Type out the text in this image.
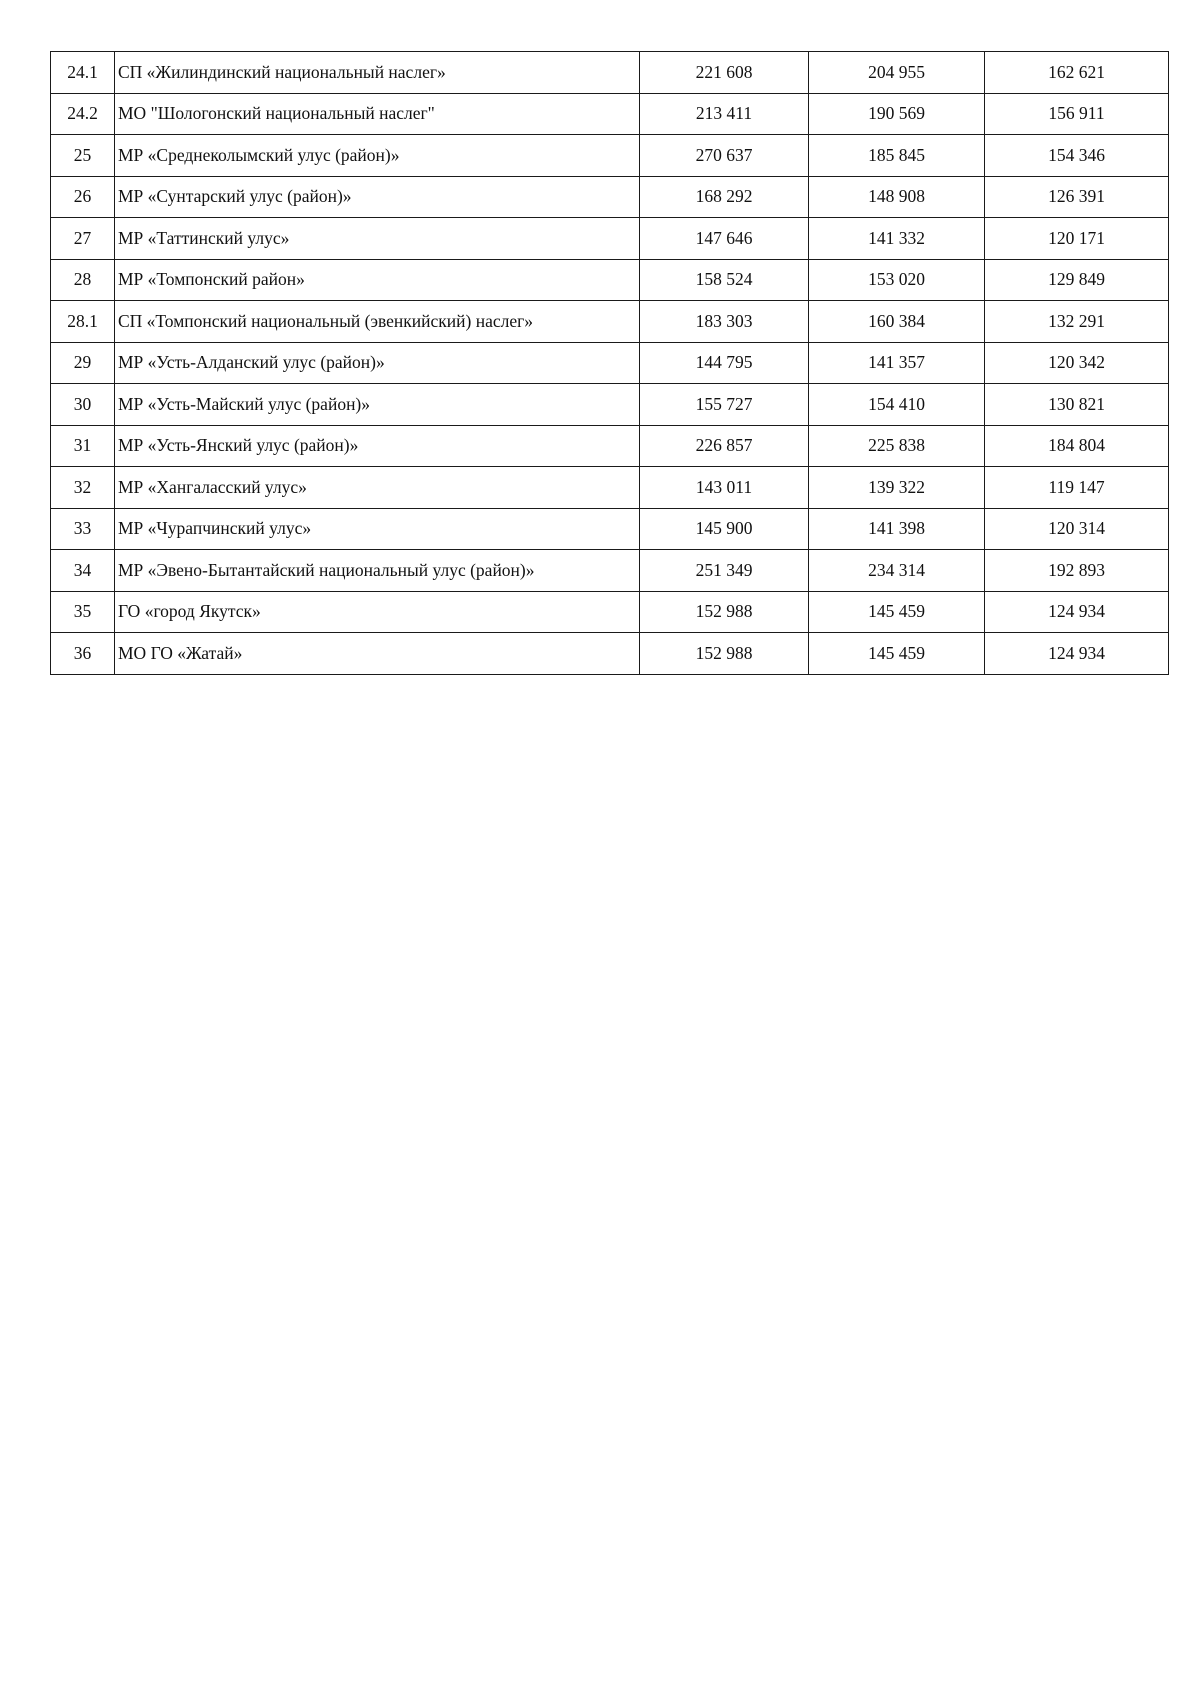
24.1	СП «Жилиндинский национальный наслег»	221 608	204 955	162 621
24.2	МО "Шологонский национальный наслег"	213 411	190 569	156 911
25	МР «Среднеколымский улус (район)»	270 637	185 845	154 346
26	МР «Сунтарский улус (район)»	168 292	148 908	126 391
27	МР «Таттинский улус»	147 646	141 332	120 171
28	МР «Томпонский район»	158 524	153 020	129 849
28.1	СП «Томпонский национальный (эвенкийский) наслег»	183 303	160 384	132 291
29	МР «Усть-Алданский улус (район)»	144 795	141 357	120 342
30	МР «Усть-Майский улус (район)»	155 727	154 410	130 821
31	МР «Усть-Янский улус (район)»	226 857	225 838	184 804
32	МР «Хангаласский улус»	143 011	139 322	119 147
33	МР «Чурапчинский улус»	145 900	141 398	120 314
34	МР «Эвено-Бытантайский национальный улус (район)»	251 349	234 314	192 893
35	ГО «город Якутск»	152 988	145 459	124 934
36	МО ГО «Жатай»	152 988	145 459	124 934
